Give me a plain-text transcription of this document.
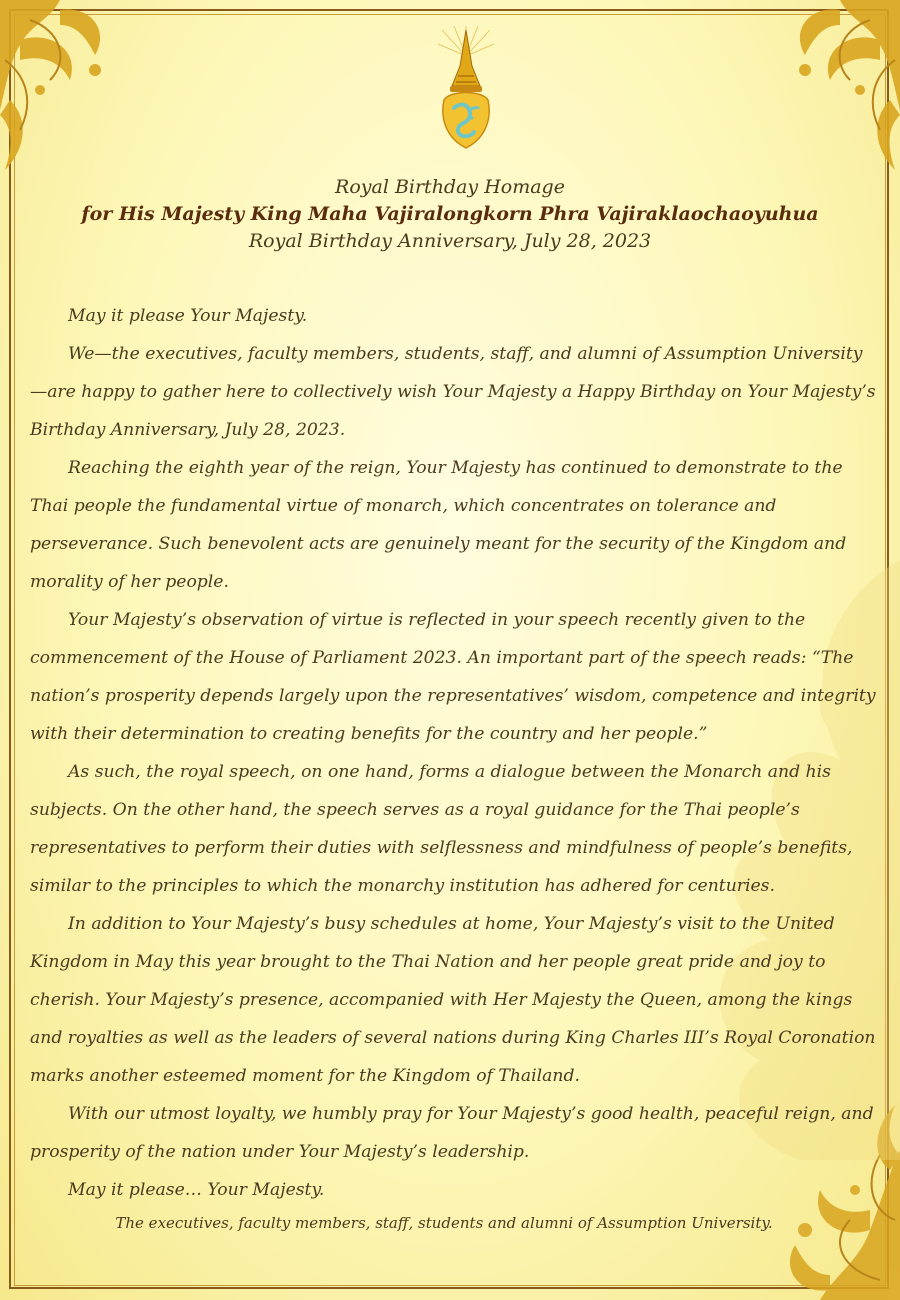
Royal Birthday Homage
for His Majesty King Maha Vajiralongkorn Phra Vajiraklaochaoyuhua
Royal Birthday Anniversary, July 28, 2023

May it please Your Majesty.

We—the executives, faculty members, students, staff, and alumni of Assumption University—are happy to gather here to collectively wish Your Majesty a Happy Birthday on Your Majesty’s Birthday Anniversary, July 28, 2023.

Reaching the eighth year of the reign, Your Majesty has continued to demonstrate to the Thai people the fundamental virtue of monarch, which concentrates on tolerance and perseverance. Such benevolent acts are genuinely meant for the security of the Kingdom and morality of her people.

Your Majesty’s observation of virtue is reflected in your speech recently given to the commencement of the House of Parliament 2023. An important part of the speech reads: “The nation’s prosperity depends largely upon the representatives’ wisdom, competence and integrity with their determination to creating benefits for the country and her people.”

As such, the royal speech, on one hand, forms a dialogue between the Monarch and his subjects. On the other hand, the speech serves as a royal guidance for the Thai people’s representatives to perform their duties with selflessness and mindfulness of people’s benefits, similar to the principles to which the monarchy institution has adhered for centuries.

In addition to Your Majesty’s busy schedules at home, Your Majesty’s visit to the United Kingdom in May this year brought to the Thai Nation and her people great pride and joy to cherish. Your Majesty’s presence, accompanied with Her Majesty the Queen, among the kings and royalties as well as the leaders of several nations during King Charles III’s Royal Coronation marks another esteemed moment for the Kingdom of Thailand.

With our utmost loyalty, we humbly pray for Your Majesty’s good health, peaceful reign, and prosperity of the nation under Your Majesty’s leadership.

May it please… Your Majesty.

The executives, faculty members, staff, students and alumni of Assumption University.
